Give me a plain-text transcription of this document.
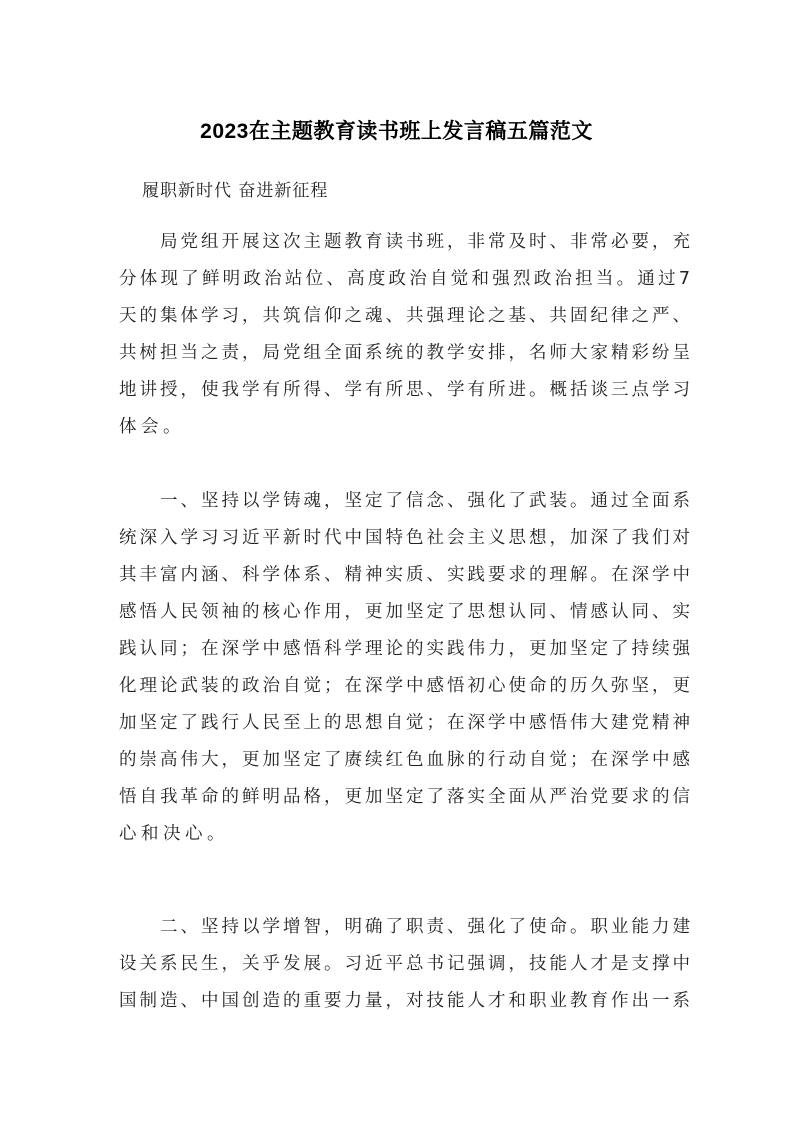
2023在主题教育读书班上发言稿五篇范文
履职新时代 奋进新征程
局党组开展这次主题教育读书班，非常及时、非常必要，充
分体现了鲜明政治站位、高度政治自觉和强烈政治担当。通过7
天的集体学习，共筑信仰之魂、共强理论之基、共固纪律之严、
共树担当之责，局党组全面系统的教学安排，名师大家精彩纷呈
地讲授，使我学有所得、学有所思、学有所进。概括谈三点学习
体会。
一、坚持以学铸魂，坚定了信念、强化了武装。通过全面系
统深入学习习近平新时代中国特色社会主义思想，加深了我们对
其丰富内涵、科学体系、精神实质、实践要求的理解。在深学中
感悟人民领袖的核心作用，更加坚定了思想认同、情感认同、实
践认同；在深学中感悟科学理论的实践伟力，更加坚定了持续强
化理论武装的政治自觉；在深学中感悟初心使命的历久弥坚，更
加坚定了践行人民至上的思想自觉；在深学中感悟伟大建党精神
的崇高伟大，更加坚定了赓续红色血脉的行动自觉；在深学中感
悟自我革命的鲜明品格，更加坚定了落实全面从严治党要求的信
心和决心。
二、坚持以学增智，明确了职责、强化了使命。职业能力建
设关系民生，关乎发展。习近平总书记强调，技能人才是支撑中
国制造、中国创造的重要力量，对技能人才和职业教育作出一系
